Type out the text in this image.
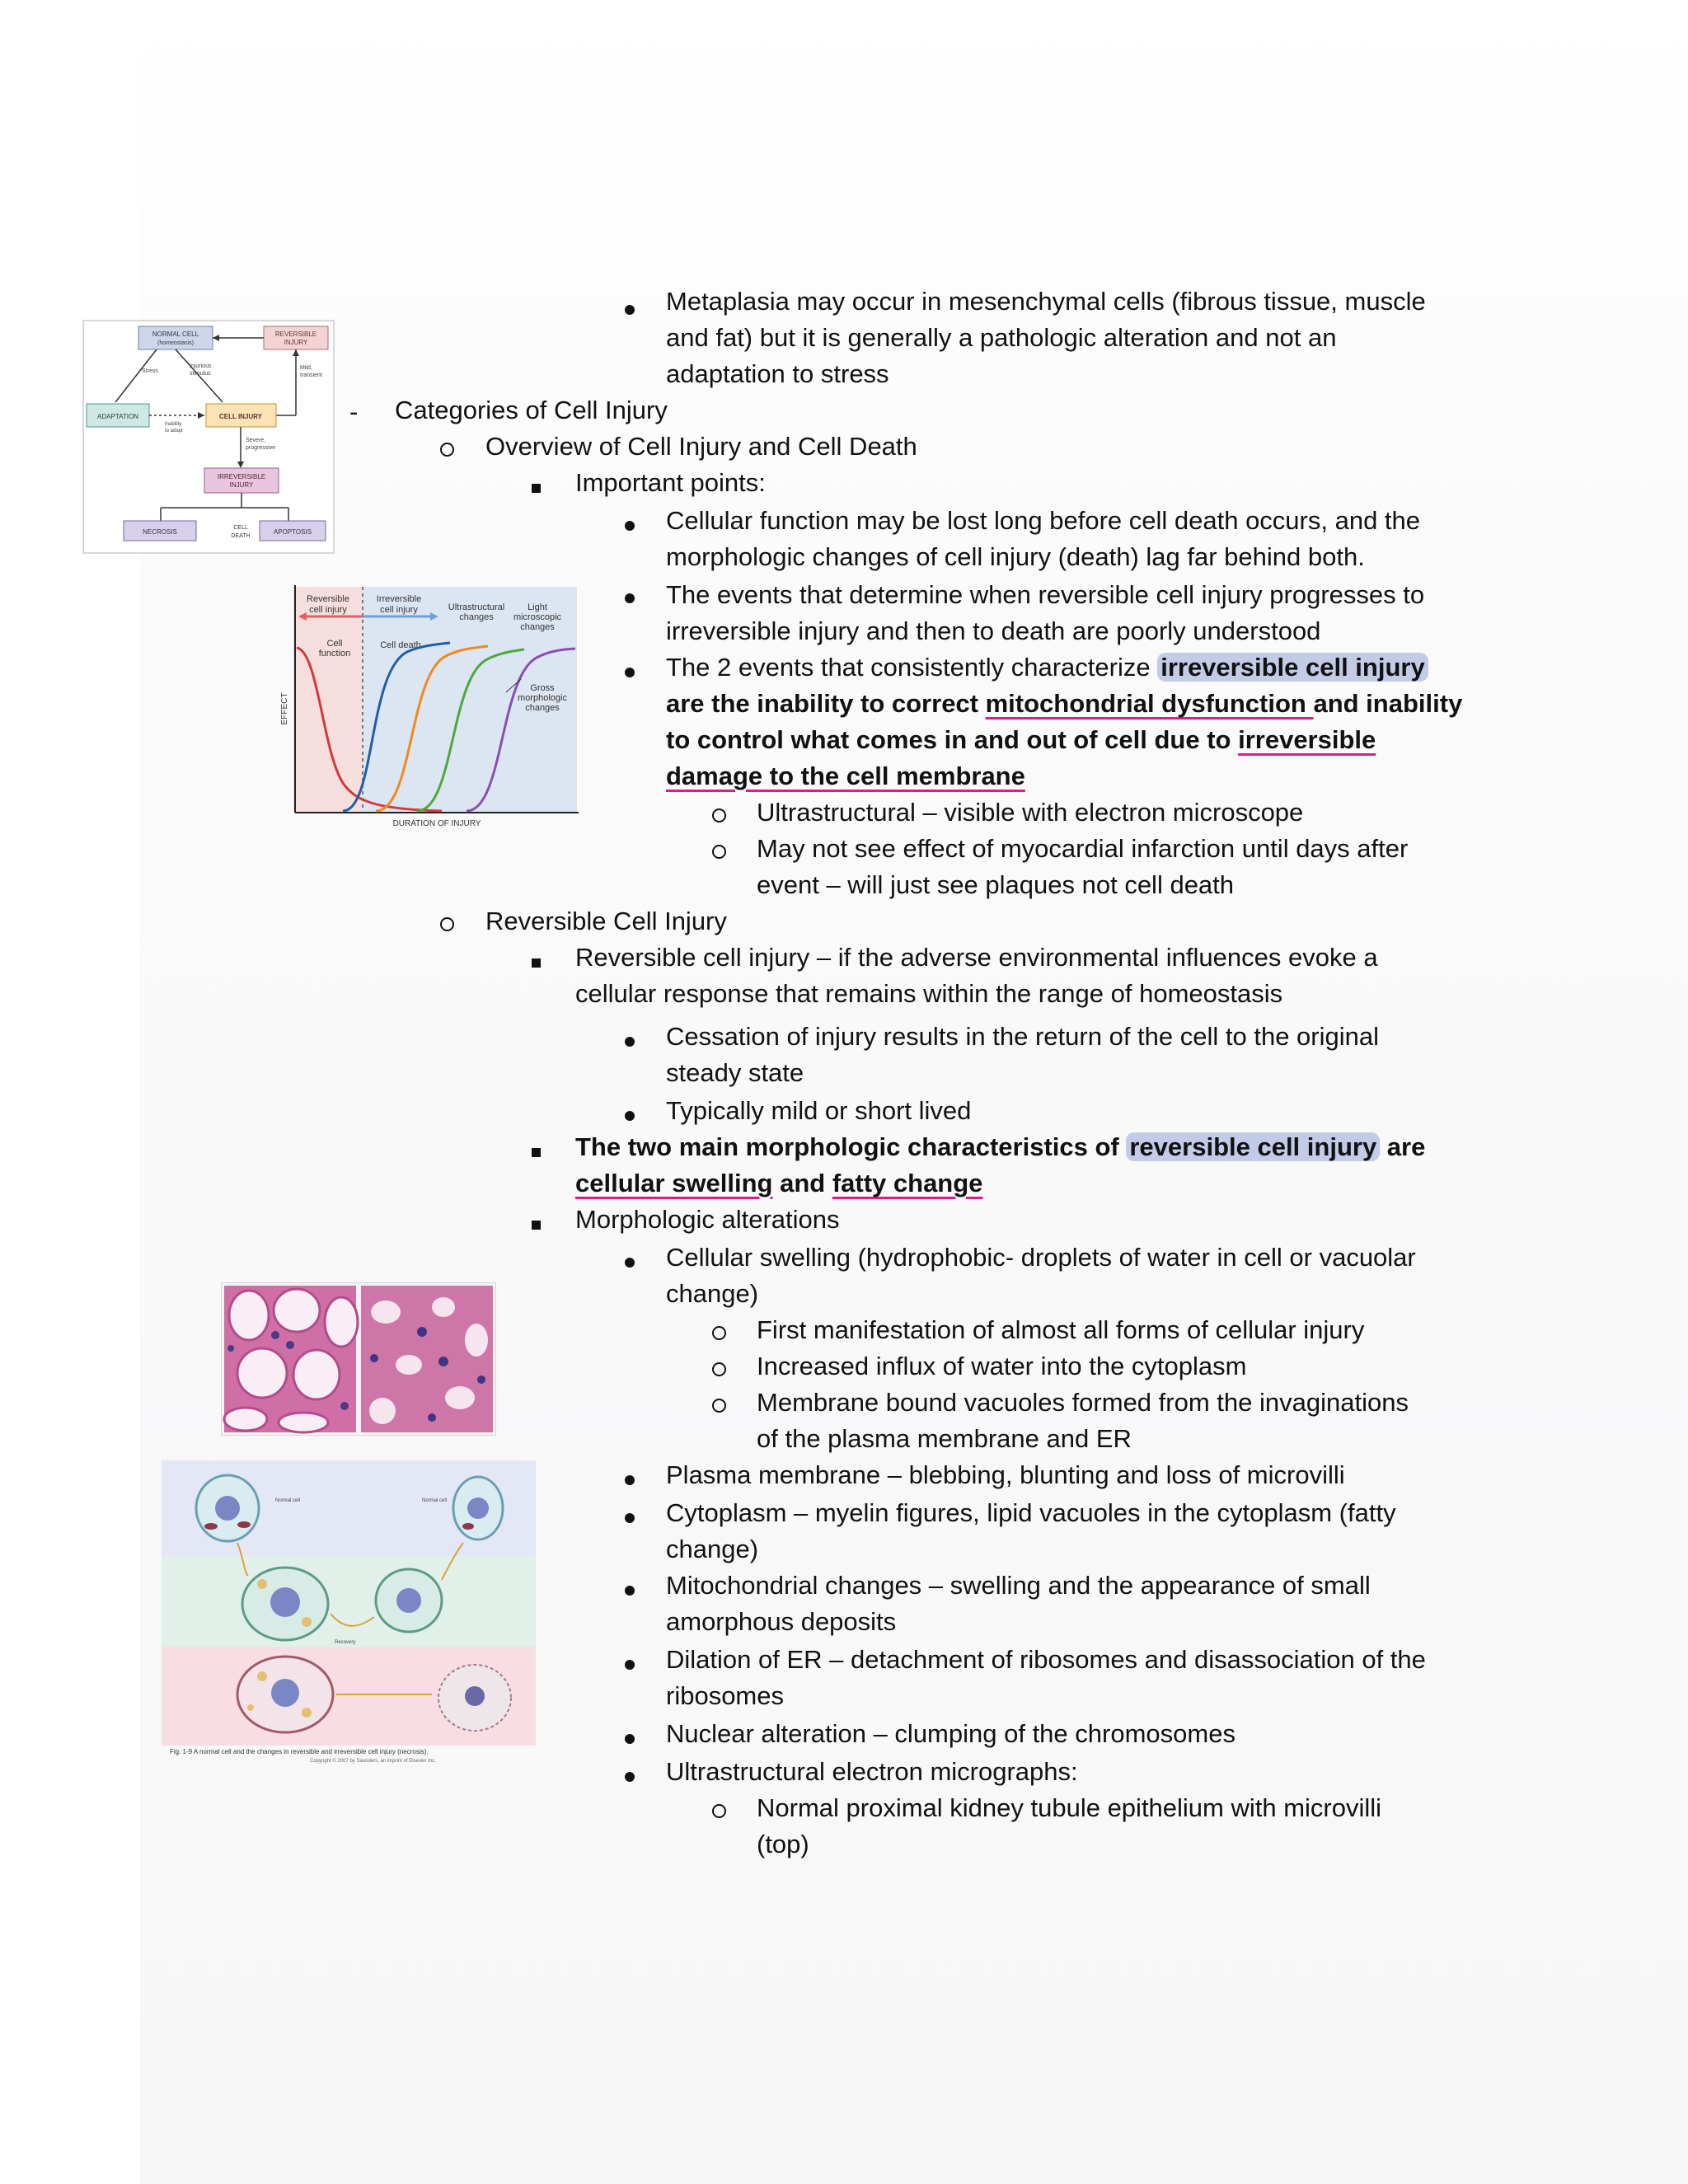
NORMAL CELL
(homeostasis)
REVERSIBLE
INJURY
Mild,
transient
Stress
Injurious
stimulus
ADAPTATION
Inability
to adapt
CELL INJURY
Severe,
progressive
IRREVERSIBLE
INJURY
NECROSIS
CELL
DEATH
APOPTOSIS
Reversible
cell injury
Irreversible
cell injury	Ultrastructural
changes
Light
microscopic
changes
Cell
function
Cell death
Gross
morphologic
changes
EFFECT
DURATION OF INJURY
Normal cell	Normal cell
Recovery
Fig. 1-9 A normal cell and the changes in reversible and irreversible cell injury (necrosis).
Copyright © 2007 by Saunders, an imprint of Elsevier Inc.
-
Metaplasia may occur in mesenchymal cells (fibrous tissue, muscle
and fat) but it is generally a pathologic alteration and not an
adaptation to stress
Categories of Cell Injury
Overview of Cell Injury and Cell Death
Important points:
Cellular function may be lost long before cell death occurs, and the
morphologic changes of cell injury (death) lag far behind both.
The events that determine when reversible cell injury progresses to
irreversible injury and then to death are poorly understood
The 2 events that consistently characterize irreversible cell injury
are the inability to correct mitochondrial dysfunction and inability
to control what comes in and out of cell due to irreversible
damage to the cell membrane
Ultrastructural – visible with electron microscope
May not see effect of myocardial infarction until days after
event – will just see plaques not cell death
Reversible Cell Injury
Reversible cell injury – if the adverse environmental influences evoke a
cellular response that remains within the range of homeostasis
Cessation of injury results in the return of the cell to the original
steady state
Typically mild or short lived
The two main morphologic characteristics of reversible cell injury are
cellular swelling and fatty change
Morphologic alterations
Cellular swelling (hydrophobic- droplets of water in cell or vacuolar
change)
First manifestation of almost all forms of cellular injury
Increased influx of water into the cytoplasm
Membrane bound vacuoles formed from the invaginations
of the plasma membrane and ER
Plasma membrane – blebbing, blunting and loss of microvilli
Cytoplasm – myelin figures, lipid vacuoles in the cytoplasm (fatty
change)
Mitochondrial changes – swelling and the appearance of small
amorphous deposits
Dilation of ER – detachment of ribosomes and disassociation of the
ribosomes
Nuclear alteration – clumping of the chromosomes
Ultrastructural electron micrographs:
Normal proximal kidney tubule epithelium with microvilli
(top)
